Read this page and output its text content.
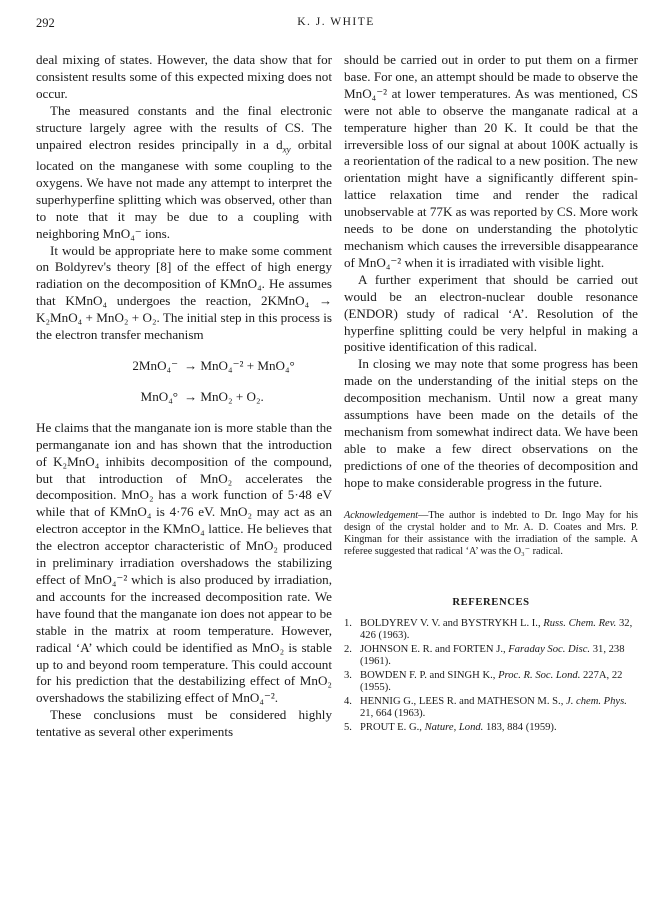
292	K. J. WHITE

deal mixing of states. However, the data show that for consistent results some of this expected mixing does not occur.

The measured constants and the final electronic structure largely agree with the results of CS. The unpaired electron resides principally in a $d_{xy}$ orbital located on the manganese with some coupling to the oxygens. We have not made any attempt to interpret the superhyperfine splitting which was observed, other than to note that it may be due to a coupling with neighboring MnO₄⁻ ions.

It would be appropriate here to make some comment on Boldyrev's theory [8] of the effect of high energy radiation on the decomposition of KMnO₄. He assumes that KMnO₄ undergoes the reaction, 2KMnO₄ → K₂MnO₄ + MnO₂ + O₂. The initial step in this process is the electron transfer mechanism

2MnO₄⁻ → MnO₄⁻² + MnO₄°
MnO₄° → MnO₂ + O₂.

He claims that the manganate ion is more stable than the permanganate ion and has shown that the introduction of K₂MnO₄ inhibits decomposition of the compound, but that introduction of MnO₂ accelerates the decomposition. MnO₂ has a work function of 5·48 eV while that of KMnO₄ is 4·76 eV. MnO₂ may act as an electron acceptor in the KMnO₄ lattice. He believes that the electron acceptor characteristic of MnO₂ produced in preliminary irradiation overshadows the stabilizing effect of MnO₄⁻² which is also produced by irradiation, and accounts for the increased decomposition rate. We have found that the manganate ion does not appear to be stable in the matrix at room temperature. However, radical ‘A’ which could be identified as MnO₂ is stable up to and beyond room temperature. This could account for his prediction that the destabilizing effect of MnO₂ overshadows the stabilizing effect of MnO₄⁻².

These conclusions must be considered highly tentative as several other experiments

should be carried out in order to put them on a firmer base. For one, an attempt should be made to observe the MnO₄⁻² at lower temperatures. As was mentioned, CS were not able to observe the manganate radical at a temperature higher than 20 K. It could be that the irreversible loss of our signal at about 100K actually is a reorientation of the radical to a new position. The new orientation might have a significantly different spin-lattice relaxation time and render the radical unobservable at 77K as was reported by CS. More work needs to be done on understanding the photolytic mechanism which causes the irreversible disappearance of MnO₄⁻² when it is irradiated with visible light.

A further experiment that should be carried out would be an electron-nuclear double resonance (ENDOR) study of radical ‘A’. Resolution of the hyperfine splitting could be very helpful in making a positive identification of this radical.

In closing we may note that some progress has been made on the understanding of the initial steps on the decomposition mechanism. Until now a great many assumptions have been made on the details of the mechanism from somewhat indirect data. We have been able to make a few direct observations on the predictions of one of the theories of decomposition and hope to make considerable progress in the future.

Acknowledgement—The author is indebted to Dr. Ingo May for his design of the crystal holder and to Mr. A. D. Coates and Mrs. P. Kingman for their assistance with the irradiation of the sample. A referee suggested that radical ‘A’ was the O₃⁻ radical.
REFERENCES
1. BOLDYREV V. V. and BYSTRYKH L. I., Russ. Chem. Rev. 32, 426 (1963).
2. JOHNSON E. R. and FORTEN J., Faraday Soc. Disc. 31, 238 (1961).
3. BOWDEN F. P. and SINGH K., Proc. R. Soc. Lond. 227A, 22 (1955).
4. HENNIG G., LEES R. and MATHESON M. S., J. chem. Phys. 21, 664 (1963).
5. PROUT E. G., Nature, Lond. 183, 884 (1959).
